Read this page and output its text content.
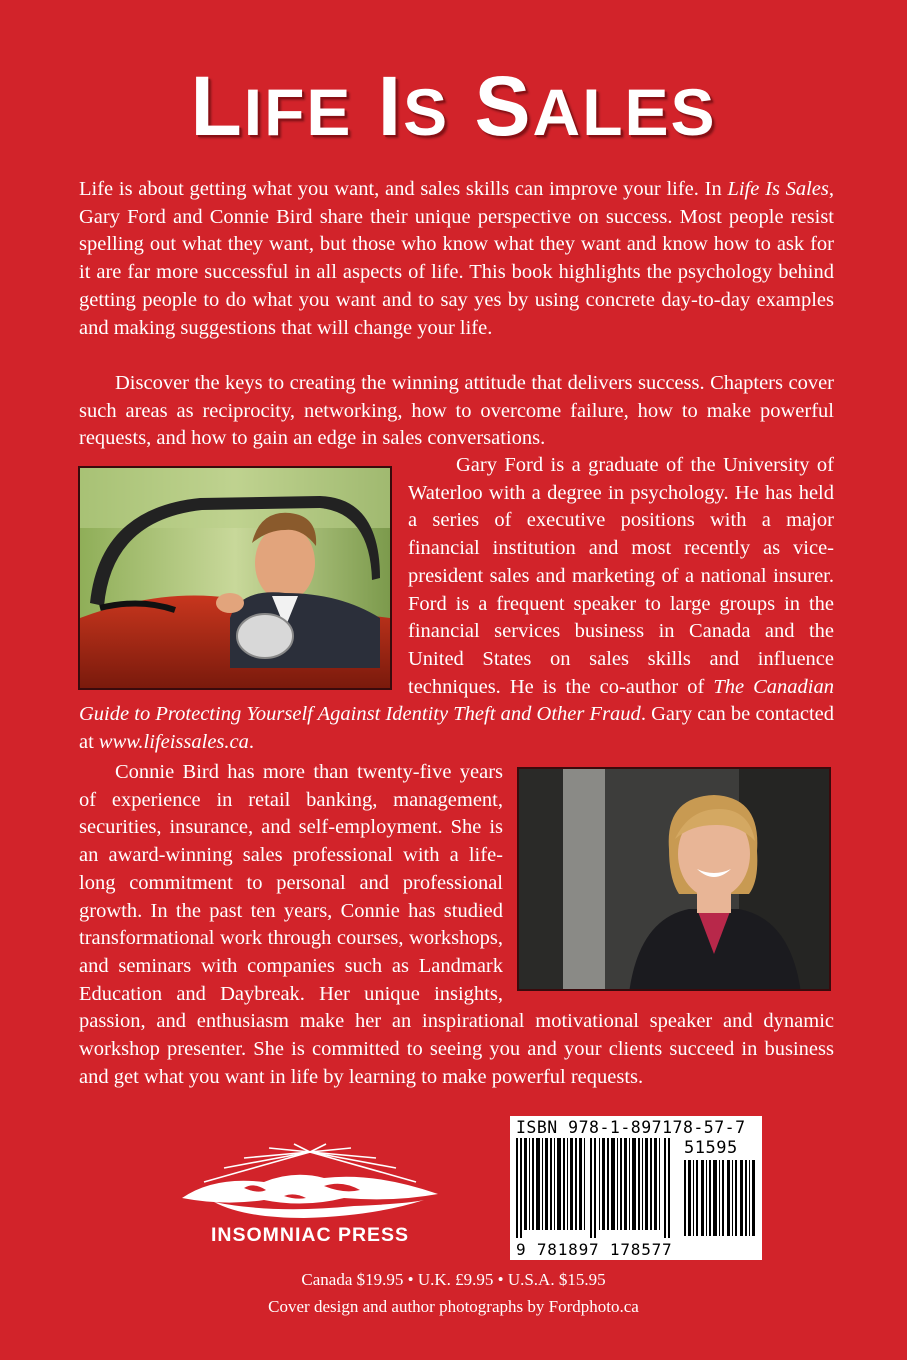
LIFE IS SALES
Life is about getting what you want, and sales skills can improve your life. In Life Is Sales, Gary Ford and Connie Bird share their unique perspective on success. Most people resist spelling out what they want, but those who know what they want and know how to ask for it are far more successful in all aspects of life. This book highlights the psychology behind getting people to do what you want and to say yes by using concrete day-to-day examples and making suggestions that will change your life.
Discover the keys to creating the winning attitude that delivers success. Chapters cover such areas as reciprocity, networking, how to overcome failure, how to make powerful requests, and how to gain an edge in sales conversations.
Gary Ford is a graduate of the University of Waterloo with a degree in psychology. He has held a series of executive positions with a major financial institution and most recently as vice-president sales and marketing of a national insurer. Ford is a frequent speaker to large groups in the financial services business in Canada and the United States on sales skills and influence techniques. He is the co-author of The Canadian Guide to Protecting Yourself Against Identity Theft and Other Fraud. Gary can be contacted at www.lifeissales.ca.
Connie Bird has more than twenty-five years of experience in retail banking, management, securities, insurance, and self-employment. She is an award-winning sales professional with a life-long commitment to personal and professional growth. In the past ten years, Connie has studied transformational work through courses, workshops, and seminars with companies such as Landmark Education and Daybreak. Her unique insights, passion, and enthusiasm make her an inspirational motivational speaker and dynamic workshop presenter. She is committed to seeing you and your clients succeed in business and get what you want in life by learning to make powerful requests.
INSOMNIAC PRESS
ISBN 978-1-897178-57-7
51595
9 781897 178577
Canada $19.95 • U.K. £9.95 • U.S.A. $15.95
Cover design and author photographs by Fordphoto.ca
